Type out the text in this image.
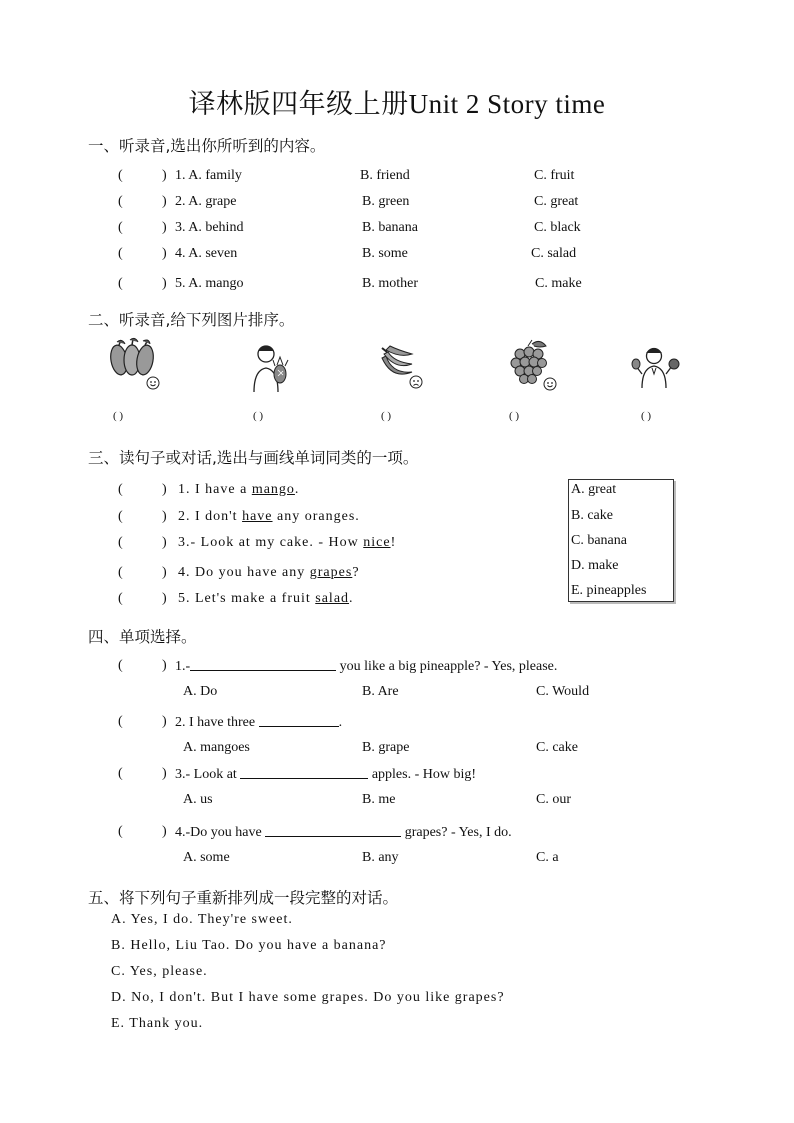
译林版四年级上册Unit 2 Story time
一、听录音,选出你所听到的内容。
(	) 1. A. family	B. friend	C. fruit
(	) 2. A. grape	B. green	C. great
(	) 3. A. behind	B. banana	C. black
(	) 4. A. seven	B. some	C. salad
(	) 5. A. mango	B. mother	C. make
二、听录音,给下列图片排序。
( )	( )	( )	( )	( )
三、读句子或对话,选出与画线单词同类的一项。
(	) 1. I have a mango.
(	) 2. I don't have any oranges.
(	) 3.- Look at my cake. - How nice!
(	) 4. Do you have any grapes?
(	) 5. Let's make a fruit salad.
A. great
B. cake
C. banana
D. make
E. pineapples
四、单项选择。
(	) 1.-	you like a big pineapple? - Yes, please.
A. Do	B. Are	C. Would
(	) 2. I have three	.
A. mangoes	B. grape	C. cake
(	) 3.- Look at	apples. - How big!
A. us	B. me	C. our
(	) 4.-Do you have	grapes? - Yes, I do.
A. some	B. any	C. a
五、将下列句子重新排列成一段完整的对话。
A. Yes, I do. They're sweet.
B. Hello, Liu Tao. Do you have a banana?
C. Yes, please.
D. No, I don't. But I have some grapes. Do you like grapes?
E. Thank you.
